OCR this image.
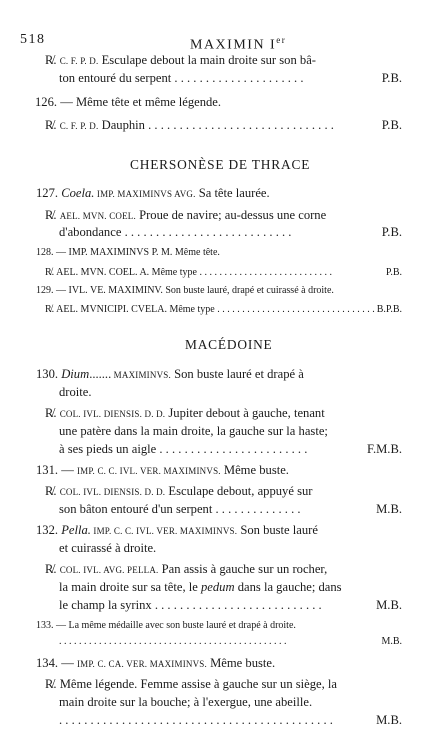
518	MAXIMIN Ier
R̸. C. F. P. D. Esculape debout la main droite sur son bâ-
ton entouré du serpent . . . . . . . . . . . . . . . . . . . . .	P.B.
126. — Même tête et même légende.
R̸. C. F. P. D. Dauphin . . . . . . . . . . . . . . . . . . . . . . . . . . . . . .	P.B.
CHERSONÈSE DE THRACE
127. Coela. IMP. MAXIMINVS AVG. Sa tête laurée.
R̸. AEL. MVN. COEL. Proue de navire; au-dessus une corne
d'abondance . . . . . . . . . . . . . . . . . . . . . . . . . . .	P.B.
128. — IMP. MAXIMINVS P. M. Même tête.
R̸. AEL. MVN. COEL. A. Même type . . . . . . . . . . . . . . . . . . . . . . . . . . .	P.B.
129. — IVL. VE. MAXIMINV. Son buste lauré, drapé et cuirassé à droite.
R̸. AEL. MVNICIPI. CVELA. Même type . . . . . . . . . . . . . . . . . . . . . . . . . . . . . . . . B.P.B.
MACÉDOINE
130. Dium....... MAXIMINVS. Son buste lauré et drapé à
droite.
R̸. COL. IVL. DIENSIS. D. D. Jupiter debout à gauche, tenant
une patère dans la main droite, la gauche sur la haste;
à ses pieds un aigle . . . . . . . . . . . . . . . . . . . . . . . .	F.M.B.
131. — IMP. C. C. IVL. VER. MAXIMINVS. Même buste.
R̸. COL. IVL. DIENSIS. D. D. Esculape debout, appuyé sur
son bâton entouré d'un serpent . . . . . . . . . . . . . .	M.B.
132. Pella. IMP. C. C. IVL. VER. MAXIMINVS. Son buste lauré
et cuirassé à droite.
R̸. COL. IVL. AVG. PELLA. Pan assis à gauche sur un rocher,
la main droite sur sa tête, le pedum dans la gauche; dans
le champ la syrinx . . . . . . . . . . . . . . . . . . . . . . . . . . .	M.B.
133. — La même médaille avec son buste lauré et drapé à droite.
. . . . . . . . . . . . . . . . . . . . . . . . . . . . . . . . . . . . . . . . . . . . . .	M.B.
134. — IMP. C. CA. VER. MAXIMINVS. Même buste.
R̸. Même légende. Femme assise à gauche sur un siège, la
main droite sur la bouche; à l'exergue, une abeille.
. . . . . . . . . . . . . . . . . . . . . . . . . . . . . . . . . . . . . . . . . . . .	M.B.
